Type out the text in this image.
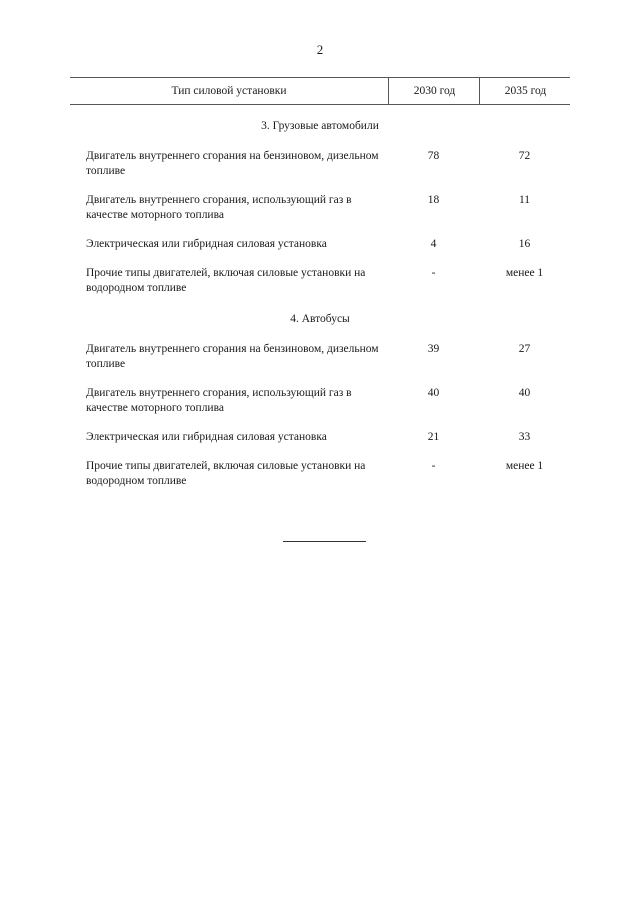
2
Тип силовой установки	2030 год	2035 год
3. Грузовые автомобили
Двигатель внутреннего сгорания на бензиновом, дизельном топливе
78	72
Двигатель внутреннего сгорания, использующий газ в качестве моторного топлива
18	11
Электрическая или гибридная силовая установка	4	16
Прочие типы двигателей, включая силовые установки на водородном топливе
-	менее 1
4. Автобусы
Двигатель внутреннего сгорания на бензиновом, дизельном топливе
39	27
Двигатель внутреннего сгорания, использующий газ в качестве моторного топлива
40	40
Электрическая или гибридная силовая установка	21	33
Прочие типы двигателей, включая силовые установки на водородном топливе
-	менее 1
